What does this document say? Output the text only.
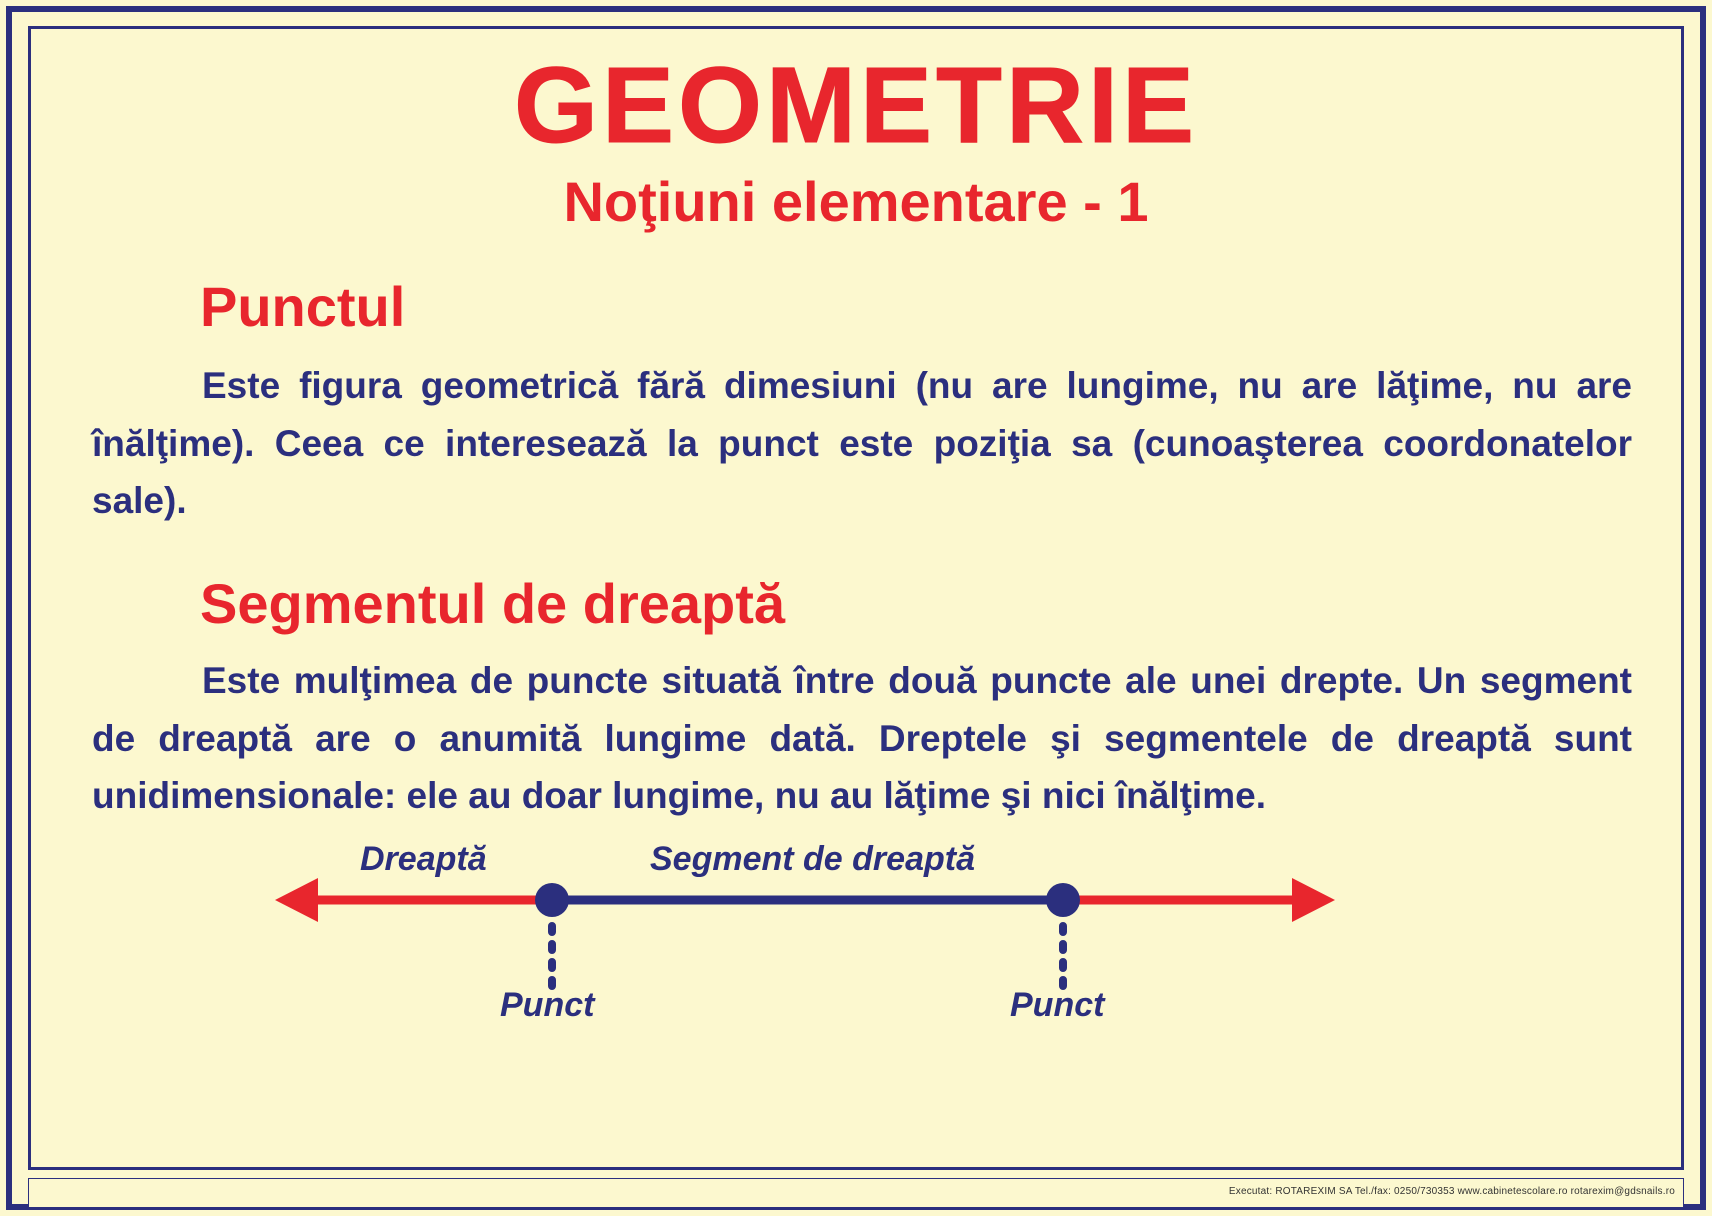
GEOMETRIE
Noţiuni elementare - 1
Punctul
Este figura geometrică fără dimesiuni (nu are lungime, nu are lăţime, nu are înălţime). Ceea ce interesează la punct este poziţia sa (cunoaşterea coordonatelor sale).
Segmentul de dreaptă
Este mulţimea de puncte situată între două puncte ale unei drepte. Un segment de dreaptă are o anumită lungime dată. Dreptele şi segmentele de dreaptă sunt unidimensionale: ele au doar lungime, nu au lăţime şi nici înălţime.
Dreaptă	Segment de dreaptă
Punct	Punct
Executat: ROTAREXIM SA Tel./fax: 0250/730353 www.cabinetescolare.ro rotarexim@gdsnails.ro
